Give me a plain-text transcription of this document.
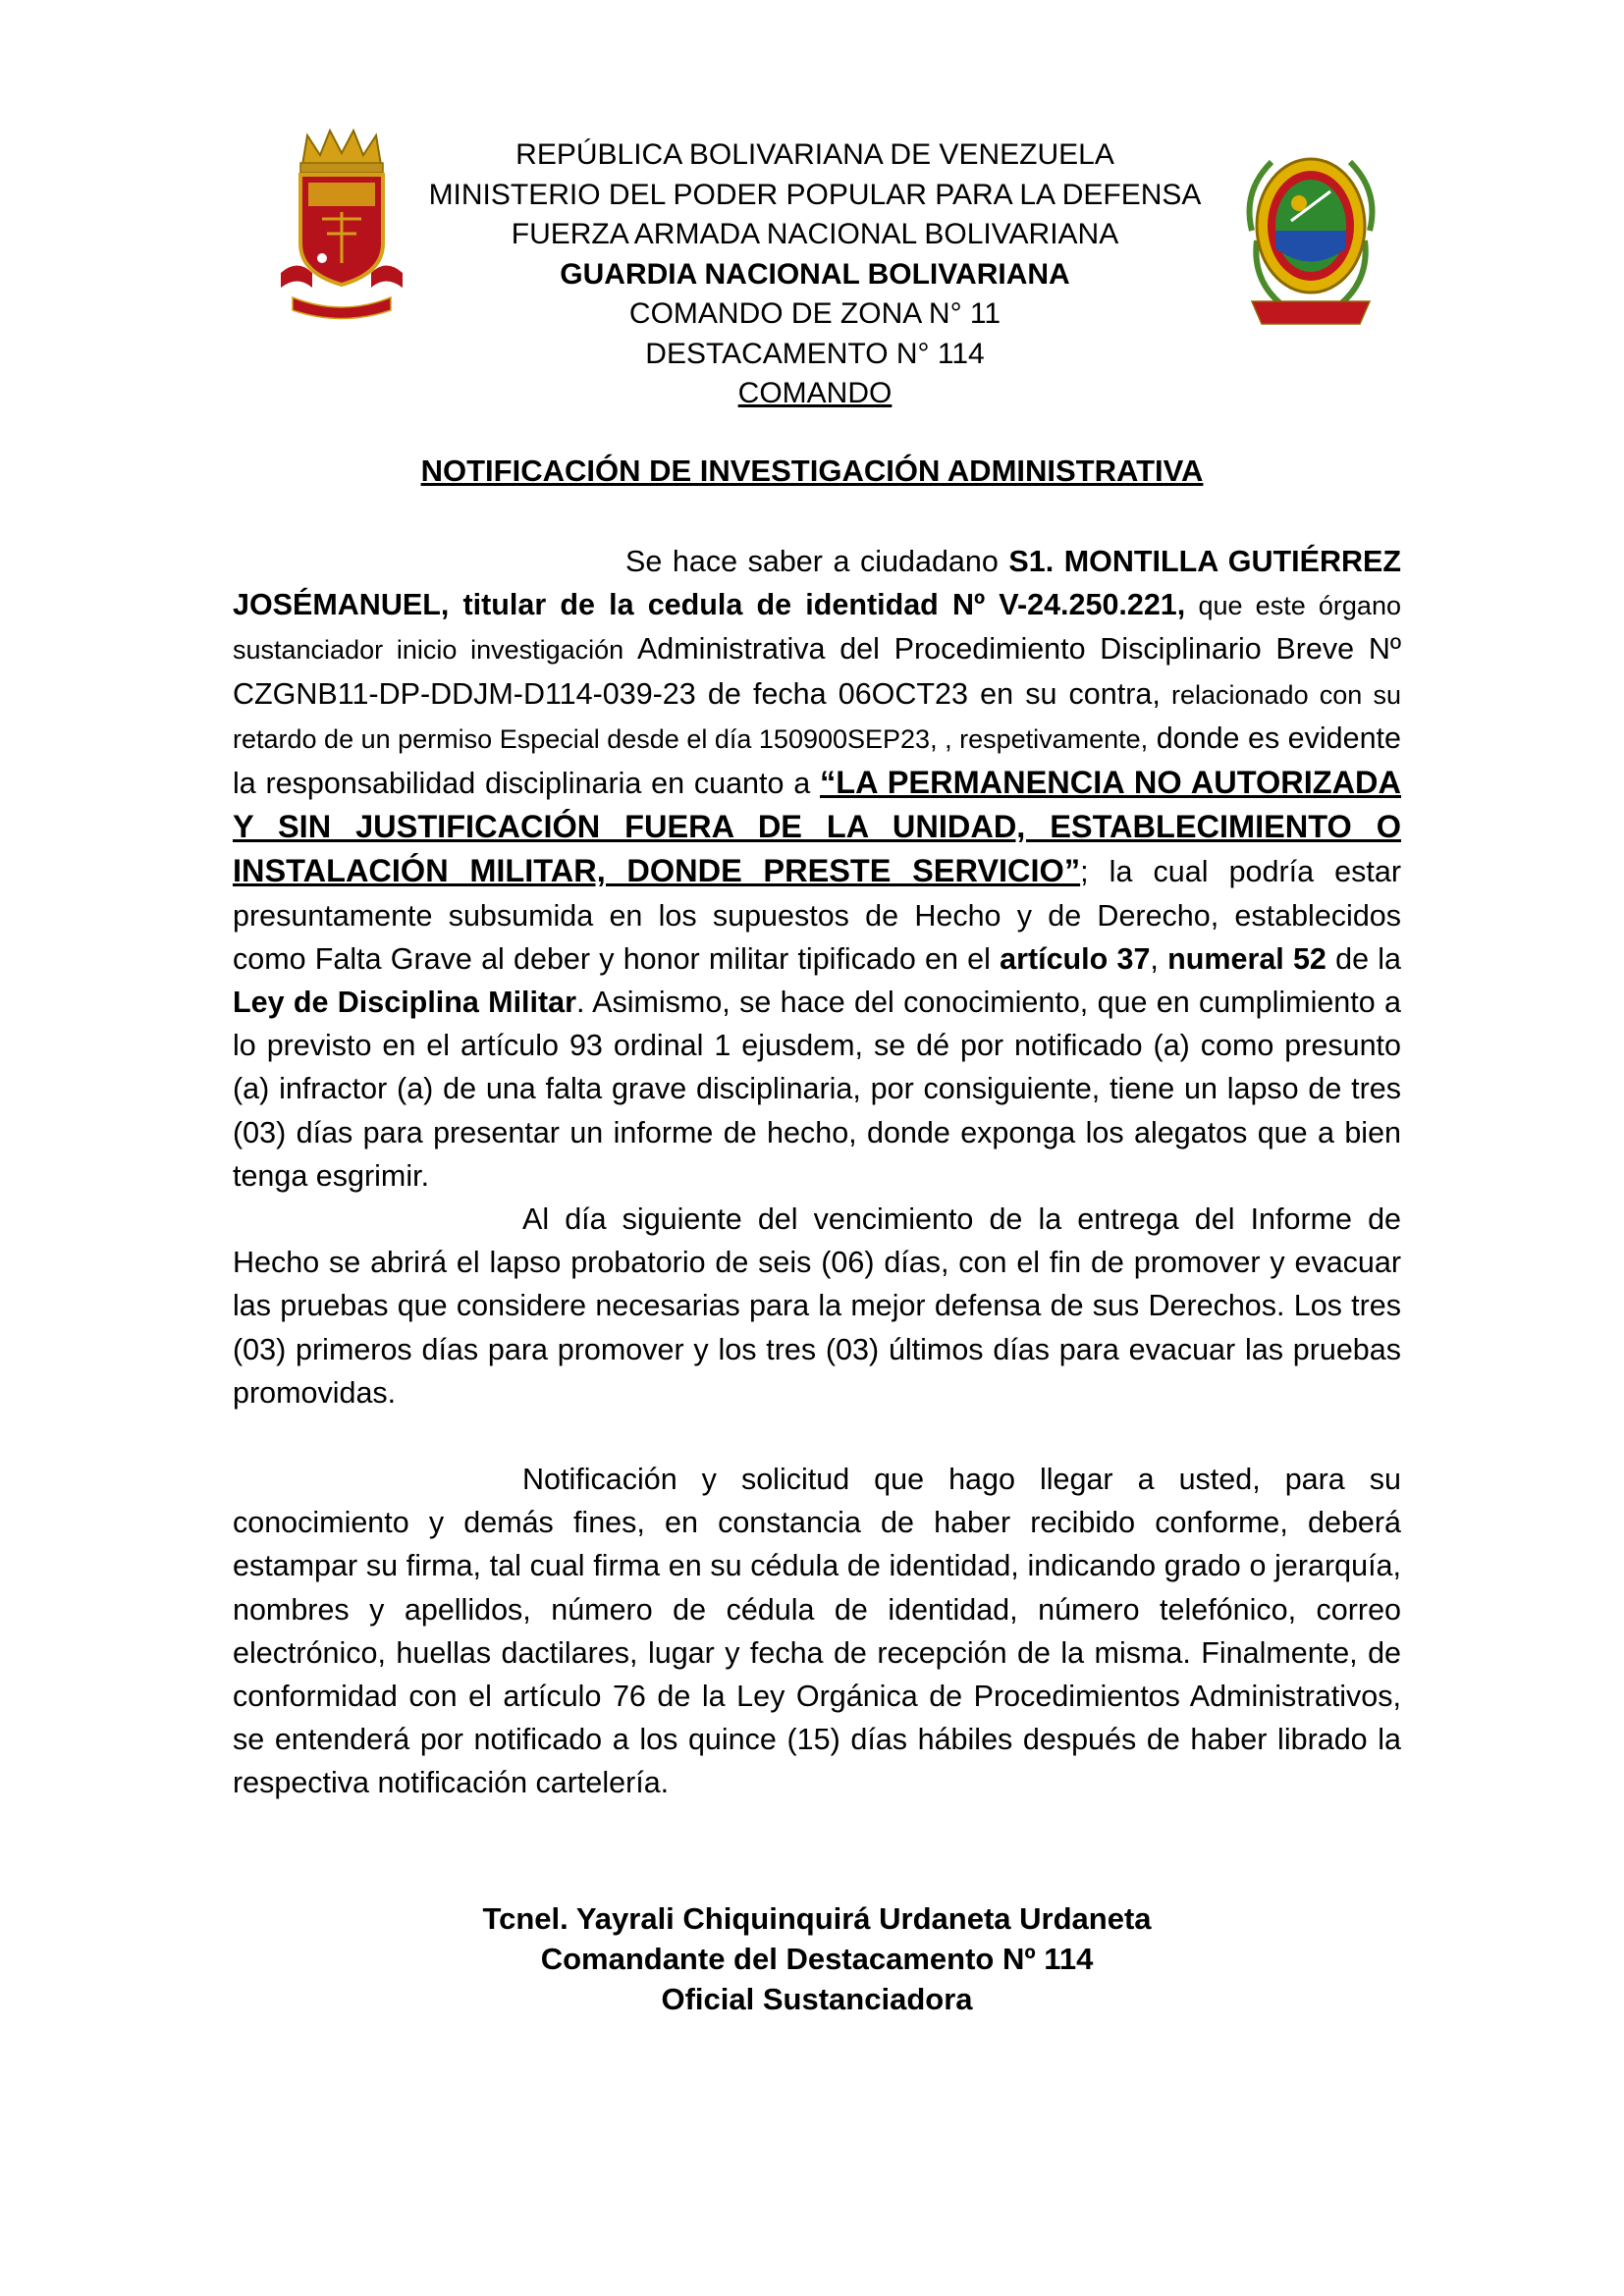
REPÚBLICA BOLIVARIANA DE VENEZUELA
MINISTERIO DEL PODER POPULAR PARA LA DEFENSA
FUERZA ARMADA NACIONAL BOLIVARIANA
GUARDIA NACIONAL BOLIVARIANA
COMANDO DE ZONA N° 11
DESTACAMENTO N° 114
COMANDO
NOTIFICACIÓN DE INVESTIGACIÓN ADMINISTRATIVA

Se hace saber a ciudadano S1. MONTILLA GUTIÉRREZ JOSÉMANUEL, titular de la cedula de identidad Nº V-24.250.221, que este órgano sustanciador inicio investigación Administrativa del Procedimiento Disciplinario Breve Nº CZGNB11-DP-DDJM-D114-039-23 de fecha 06OCT23 en su contra, relacionado con su retardo de un permiso Especial desde el día 150900SEP23, , respetivamente, donde es evidente la responsabilidad disciplinaria en cuanto a “LA PERMANENCIA NO AUTORIZADA Y SIN JUSTIFICACIÓN FUERA DE LA UNIDAD, ESTABLECIMIENTO O INSTALACIÓN MILITAR, DONDE PRESTE SERVICIO”; la cual podría estar presuntamente subsumida en los supuestos de Hecho y de Derecho, establecidos como Falta Grave al deber y honor militar tipificado en el artículo 37, numeral 52 de la Ley de Disciplina Militar. Asimismo, se hace del conocimiento, que en cumplimiento a lo previsto en el artículo 93 ordinal 1 ejusdem, se dé por notificado (a) como presunto (a) infractor (a) de una falta grave disciplinaria, por consiguiente, tiene un lapso de tres (03) días para presentar un informe de hecho, donde exponga los alegatos que a bien tenga esgrimir.

Al día siguiente del vencimiento de la entrega del Informe de Hecho se abrirá el lapso probatorio de seis (06) días, con el fin de promover y evacuar las pruebas que considere necesarias para la mejor defensa de sus Derechos. Los tres (03) primeros días para promover y los tres (03) últimos días para evacuar las pruebas promovidas.

Notificación y solicitud que hago llegar a usted, para su conocimiento y demás fines, en constancia de haber recibido conforme, deberá estampar su firma, tal cual firma en su cédula de identidad, indicando grado o jerarquía, nombres y apellidos, número de cédula de identidad, número telefónico, correo electrónico, huellas dactilares, lugar y fecha de recepción de la misma. Finalmente, de conformidad con el artículo 76 de la Ley Orgánica de Procedimientos Administrativos, se entenderá por notificado a los quince (15) días hábiles después de haber librado la respectiva notificación cartelería.

Tcnel. Yayrali Chiquinquirá Urdaneta Urdaneta
Comandante del Destacamento Nº 114
Oficial Sustanciadora
